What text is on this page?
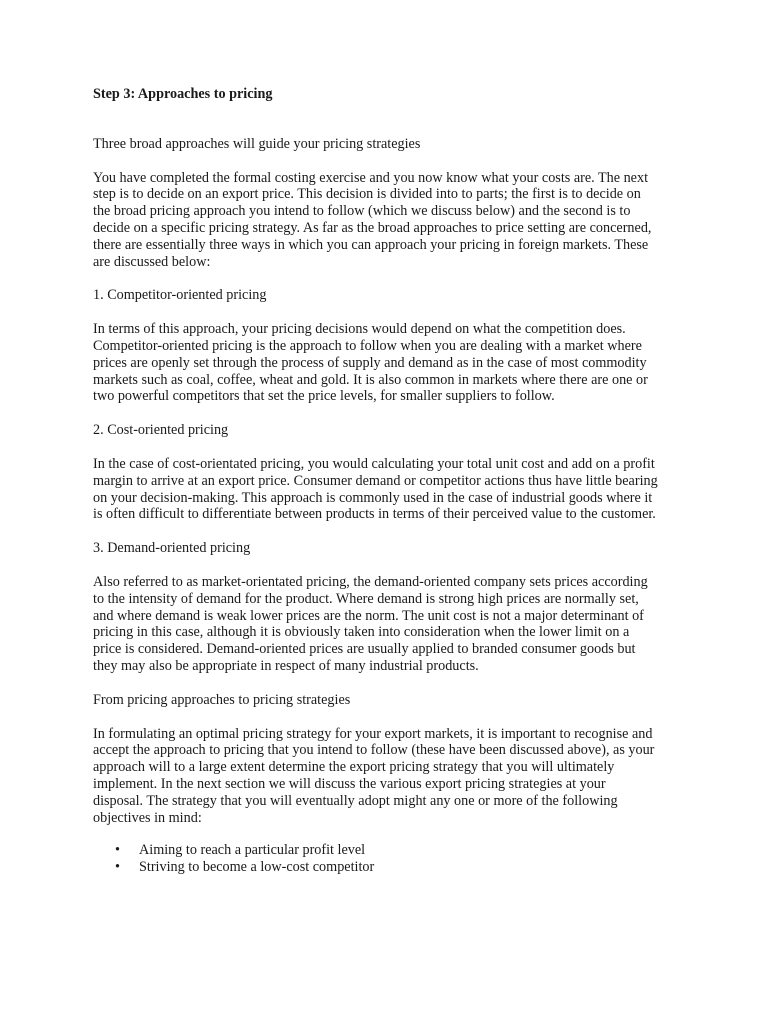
Step 3: Approaches to pricing

Three broad approaches will guide your pricing strategies

You have completed the formal costing exercise and you now know what your costs are. The next step is to decide on an export price. This decision is divided into to parts; the first is to decide on the broad pricing approach you intend to follow (which we discuss below) and the second is to decide on a specific pricing strategy. As far as the broad approaches to price setting are concerned, there are essentially three ways in which you can approach your pricing in foreign markets. These are discussed below:

1. Competitor-oriented pricing

In terms of this approach, your pricing decisions would depend on what the competition does. Competitor-oriented pricing is the approach to follow when you are dealing with a market where prices are openly set through the process of supply and demand as in the case of most commodity markets such as coal, coffee, wheat and gold. It is also common in markets where there are one or two powerful competitors that set the price levels, for smaller suppliers to follow.

2. Cost-oriented pricing

In the case of cost-orientated pricing, you would calculating your total unit cost and add on a profit margin to arrive at an export price. Consumer demand or competitor actions thus have little bearing on your decision-making. This approach is commonly used in the case of industrial goods where it is often difficult to differentiate between products in terms of their perceived value to the customer.

3. Demand-oriented pricing

Also referred to as market-orientated pricing, the demand-oriented company sets prices according to the intensity of demand for the product. Where demand is strong high prices are normally set, and where demand is weak lower prices are the norm. The unit cost is not a major determinant of pricing in this case, although it is obviously taken into consideration when the lower limit on a price is considered. Demand-oriented prices are usually applied to branded consumer goods but they may also be appropriate in respect of many industrial products.

From pricing approaches to pricing strategies

In formulating an optimal pricing strategy for your export markets, it is important to recognise and accept the approach to pricing that you intend to follow (these have been discussed above), as your approach will to a large extent determine the export pricing strategy that you will ultimately implement. In the next section we will discuss the various export pricing strategies at your disposal. The strategy that you will eventually adopt might any one or more of the following objectives in mind:

• Aiming to reach a particular profit level
• Striving to become a low-cost competitor
